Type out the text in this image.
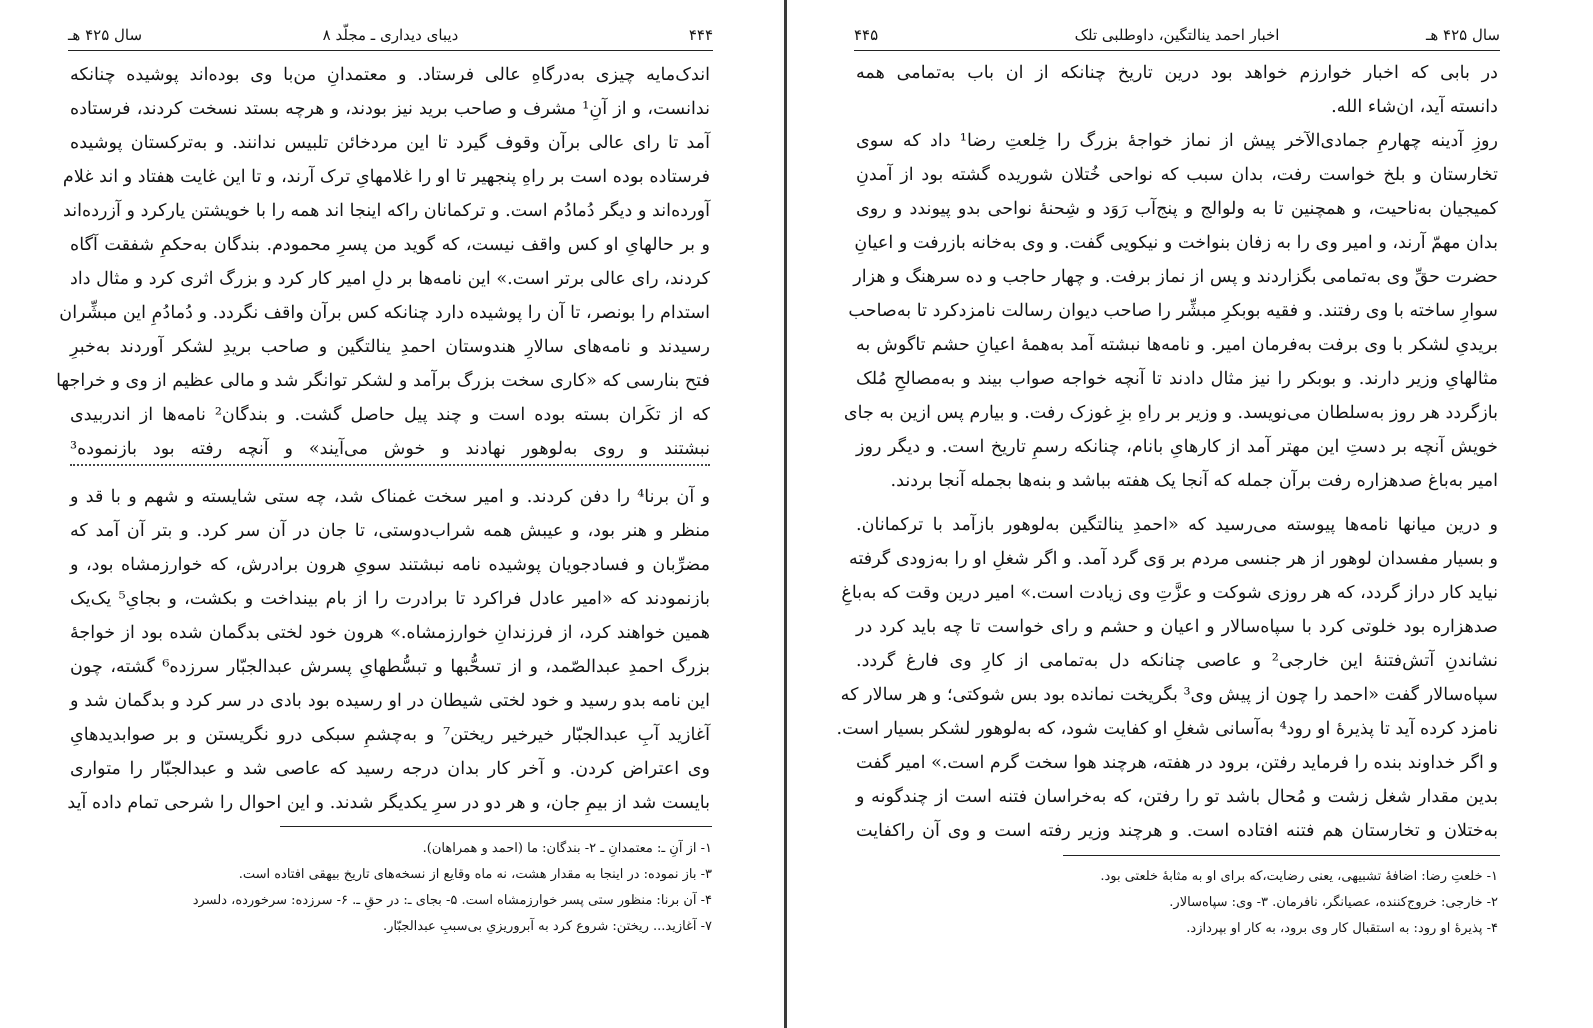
۴۴۴
دیبای دیداری ـ مجلّد ۸
سال ۴۲۵ هـ
اندک‌مایه چیزی به‌درگاهِ عالی فرستاد. و معتمدانِ من‌با وی بوده‌اند پوشیده چنانکه
ندانست، و از آنِ¹ مشرف و صاحب برید نیز بودند، و هرچه بستد نسخت کردند، فرستاده
آمد تا رای عالی برآن وقوف گیرد تا این مردخائن تلبیس ندانند. و به‌ترکستان پوشیده
فرستاده بوده است بر راهِ پنجهیر تا او را غلامهایِ ترک آرند، و تا این غایت هفتاد و اند غلام
آورده‌اند و دیگر دُمادُم است. و ترکمانان راکه اینجا اند همه را با خویشتن یارکرد و آزرده‌اند
و بر حالهایِ او کس واقف نیست، که گوید من پسرِ محمودم. بندگان به‌حکمِ شفقت آگاه
کردند، رای عالی برتر است.» این نامه‌ها بر دلِ امیر کار کرد و بزرگ اثری کرد و مثال داد
استدام را بونصر، تا آن را پوشیده دارد چنانکه کس برآن واقف نگردد. و دُمادُمِ این مبشِّران
رسیدند و نامه‌های سالارِ هندوستان احمدِ ینالتگین و صاحب بریدِ لشکر آوردند به‌خبرِ
فتح بنارسی که «کاری سخت بزرگ برآمد و لشکر توانگر شد و مالی عظیم از وی و خراجها
که از تکَران بسته بوده است و چند پیل حاصل گشت. و بندگان² نامه‌ها از اندربیدی
نبشتند و روی به‌لوهور نهادند و خوش می‌آیند» و آنچه رفته بود بازنموده³
و آن برنا⁴ را دفن کردند. و امیر سخت غمناک شد، چه ستی شایسته و شهم و با قد و
منظر و هنر بود، و عیبش همه شراب‌دوستی، تا جان در آن سر کرد. و بتر آن آمد که
مضرِّبان و فسادجویان پوشیده نامه نبشتند سویِ هرون برادرش، که خوارزمشاه بود، و
بازنمودند که «امیر عادل فراکرد تا برادرت را از بام بینداخت و بکشت، و بجایِ⁵ یک‌یک
همین خواهند کرد، از فرزندانِ خوارزمشاه.» هرون خود لختی بدگمان شده بود از خواجهٔ
بزرگ احمدِ عبدالصّمد، و از تسحُّبها و تبسُّطهایِ پسرش عبدالجبّار سرزده⁶ گشته، چون
این نامه بدو رسید و خود لختی شیطان در او رسیده بود بادی در سر کرد و بدگمان شد و
آغازید آبِ عبدالجبّار خیرخیر ریختن⁷ و به‌چشمِ سبکی درو نگریستن و بر صوابدیدهایِ
وی اعتراض کردن. و آخر کار بدان درجه رسید که عاصی شد و عبدالجبّار را متواری
بایست شد از بیمِ جان، و هر دو در سرِ یکدیگر شدند. و این احوال را شرحی تمام داده آید
۱- از آنِ ـ: معتمدانِ ـ ۲- بندگان: ما (احمد و همراهان).
۳- باز نموده: در اینجا به مقدار هشت، نه ماه وقایع از نسخه‌های تاریخ بیهقی افتاده است.
۴- آن برنا: منظور ستی پسر خوارزمشاه است. ۵- بجای ـ: در حقِ ـ. ۶- سرزده: سرخورده، دلسرد
۷- آغازید... ریختن: شروع کرد به آبروریزیِ بی‌سببِ عبدالجبّار.
سال ۴۲۵ هـ
اخبار احمد ینالتگین، داوطلبی تلک
۴۴۵
در بابی که اخبار خوارزم خواهد بود درین تاریخ چنانکه از ان باب به‌تمامی همه
دانسته آید، ان‌شاء الله.
روزِ آدینه چهارمِ جمادی‌الآخر پیش از نماز خواجهٔ بزرگ را خِلعتِ رضا¹ داد که سوی
تخارستان و بلخ خواست رفت، بدان سبب که نواحی خُتلان شوریده گشته بود از آمدنِ
کمیجیان به‌ناحیت، و همچنین تا به ولوالج و پنج‌آب رَوَد و شِحنهٔ نواحی بدو پیوندد و روی
بدان مهمّ آرند، و امیر وی را به زفان بنواخت و نیکویی گفت. و وی به‌خانه بازرفت و اعیانِ
حضرت حقِّ وی به‌تمامی بگزاردند و پس از نماز برفت. و چهار حاجب و ده سرهنگ و هزار
سوارِ ساخته با وی رفتند. و فقیه بوبکرِ مبشِّر را صاحب دیوان رسالت نامزدکرد تا به‌صاحب
بریدیِ لشکر با وی برفت به‌فرمان امیر. و نامه‌ها نبشته آمد به‌همهٔ اعیانِ حشم تاگوش به
مثالهایِ وزیر دارند. و بوبکر را نیز مثال دادند تا آنچه خواجه صواب بیند و به‌مصالحِ مُلک
بازگردد هر روز به‌سلطان می‌نویسد. و وزیر بر راهِ بزِ غوزک رفت. و بیارم پس ازین به جای
خویش آنچه بر دستِ این مهتر آمد از کارهایِ بانام، چنانکه رسمِ تاریخ است. و دیگر روز
امیر به‌باغ صدهزاره رفت برآن جمله که آنجا یک هفته بباشد و بنه‌ها بجمله آنجا بردند.
و درین میانها نامه‌ها پیوسته می‌رسید که «احمدِ ینالتگین به‌لوهور بازآمد با ترکمانان.
و بسیار مفسدان لوهور از هر جنسی مردم بر وَی گرد آمد. و اگر شغلِ او را به‌زودی گرفته
نیاید کار دراز گردد، که هر روزی شوکت و عزَّتِ وی زیادت است.» امیر درین وقت که به‌باغِ
صدهزاره بود خلوتی کرد با سپاه‌سالار و اعیان و حشم و رای خواست تا چه باید کرد در
نشاندنِ آتش‌فتنهٔ این خارجی² و عاصی چنانکه دل به‌تمامی از کارِ وی فارغ گردد.
سپاه‌سالار گفت «احمد را چون از پیش وی³ بگریخت نمانده بود بس شوکتی؛ و هر سالار که
نامزد کرده آید تا پذیرهٔ او رود⁴ به‌آسانی شغلِ او کفایت شود، که به‌لوهور لشکر بسیار است.
و اگر خداوند بنده را فرماید رفتن، برود در هفته، هرچند هوا سخت گرم است.» امیر گفت
بدین مقدار شغل زشت و مُحال باشد تو را رفتن، که به‌خراسان فتنه است از چندگونه و
به‌ختلان و تخارستان هم فتنه افتاده است. و هرچند وزیر رفته است و وی آن راکفایت
۱- خلعتِ رضا: اضافهٔ تشبیهی، یعنی رضایت،که برای او به مثابهٔ خلعتی بود.
۲- خارجی: خروج‌کننده، عصیانگر، نافرمان. ۳- وی: سپاه‌سالار.
۴- پذیرهٔ او رود: به استقبال کار وی برود، به کار او بپردازد.
